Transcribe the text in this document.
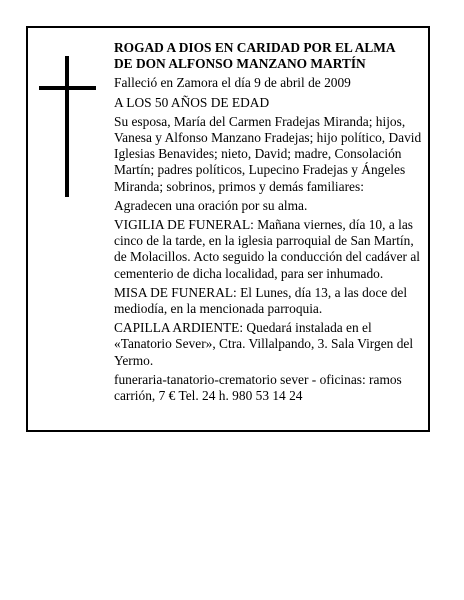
ROGAD A DIOS EN CARIDAD POR EL ALMA
DE DON ALFONSO MANZANO MARTÍN

Falleció en Zamora el día 9 de abril de 2009

A LOS 50 AÑOS DE EDAD

Su esposa, María del Carmen Fradejas Miranda; hijos, Vanesa y Alfonso Manzano Fradejas; hijo político, David Iglesias Benavides; nieto, David; madre, Consolación Martín; padres políticos, Lupecino Fradejas y Ángeles Miranda; sobrinos, primos y demás familiares:

Agradecen una oración por su alma.

VIGILIA DE FUNERAL: Mañana viernes, día 10, a las cinco de la tarde, en la iglesia parroquial de San Martín, de Molacillos. Acto seguido la conducción del cadáver al cementerio de dicha localidad, para ser inhumado.

MISA DE FUNERAL: El Lunes, día 13, a las doce del mediodía, en la mencionada parroquia.

CAPILLA ARDIENTE: Quedará instalada en el «Tanatorio Sever», Ctra. Villalpando, 3. Sala Virgen del Yermo.

funeraria-tanatorio-crematorio sever - oficinas: ramos carrión, 7 € Tel. 24 h. 980 53 14 24
